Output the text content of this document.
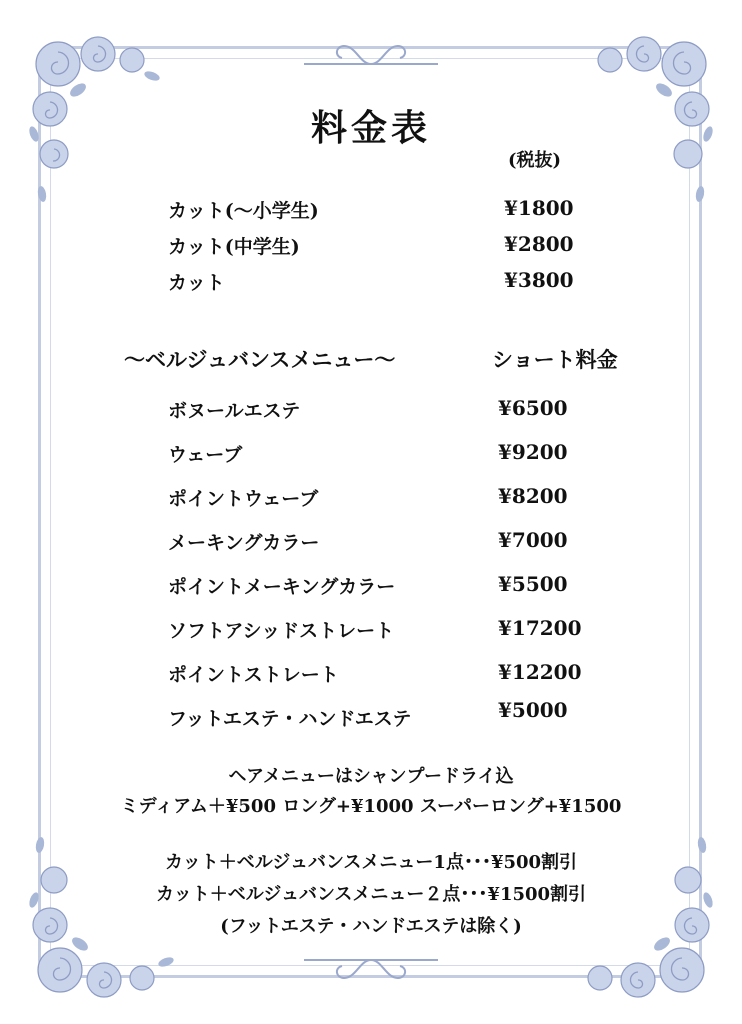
料金表
(税抜)
カット(〜小学生)	¥1800
カット(中学生)	¥2800
カット	¥3800
〜ベルジュバンスメニュー〜	ショート料金
ボヌールエステ	¥6500
ウェーブ	¥9200
ポイントウェーブ	¥8200
メーキングカラー	¥7000
ポイントメーキングカラー	¥5500
ソフトアシッドストレート	¥17200
ポイントストレート	¥12200
フットエステ・ハンドエステ	¥5000
ヘアメニューはシャンプードライ込
ミディアム＋¥500 ロング+¥1000 スーパーロング+¥1500
カット＋ベルジュバンスメニュー1点･･･¥500割引
カット＋ベルジュバンスメニュー２点･･･¥1500割引
(フットエステ・ハンドエステは除く)
